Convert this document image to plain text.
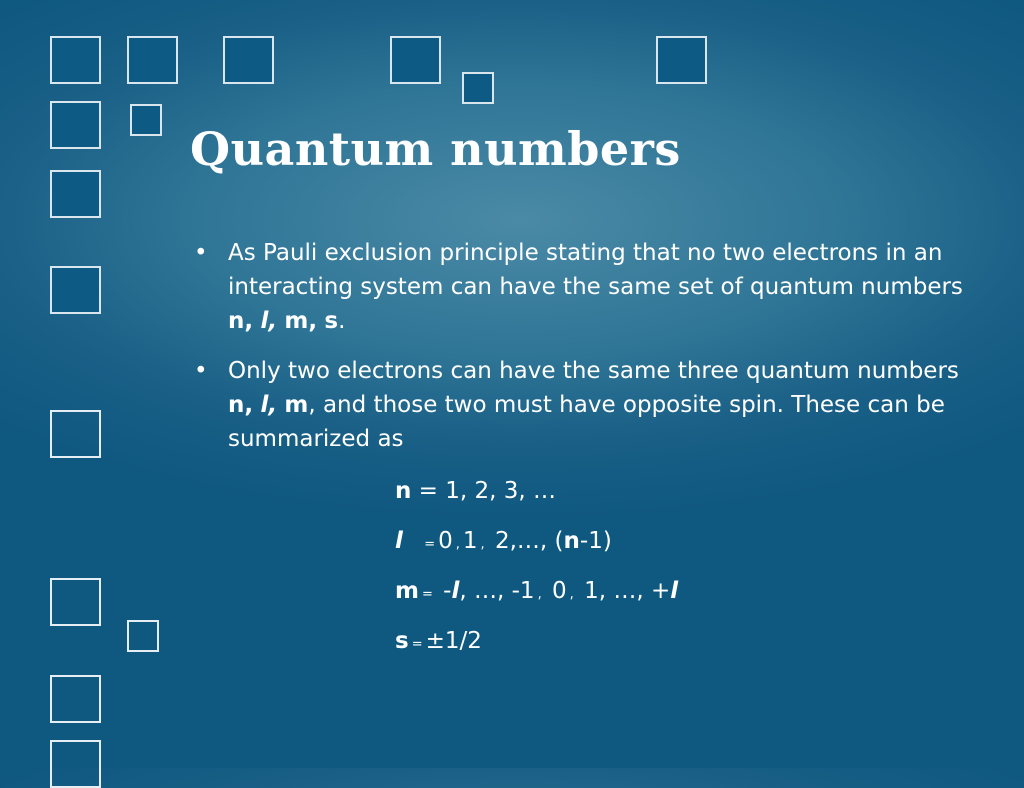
Quantum numbers
• As Pauli exclusion principle stating that no two electrons in an interacting system can have the same set of quantum numbers n, l, m, s.
• Only two electrons can have the same three quantum numbers n, l, m, and those two must have opposite spin. These can be summarized as
n = 1, 2, 3, …
l = 0 , 1 , 2,…, (n-1)
m = -l, …, -1 , 0 , 1, …, +l
s = ±1/2
